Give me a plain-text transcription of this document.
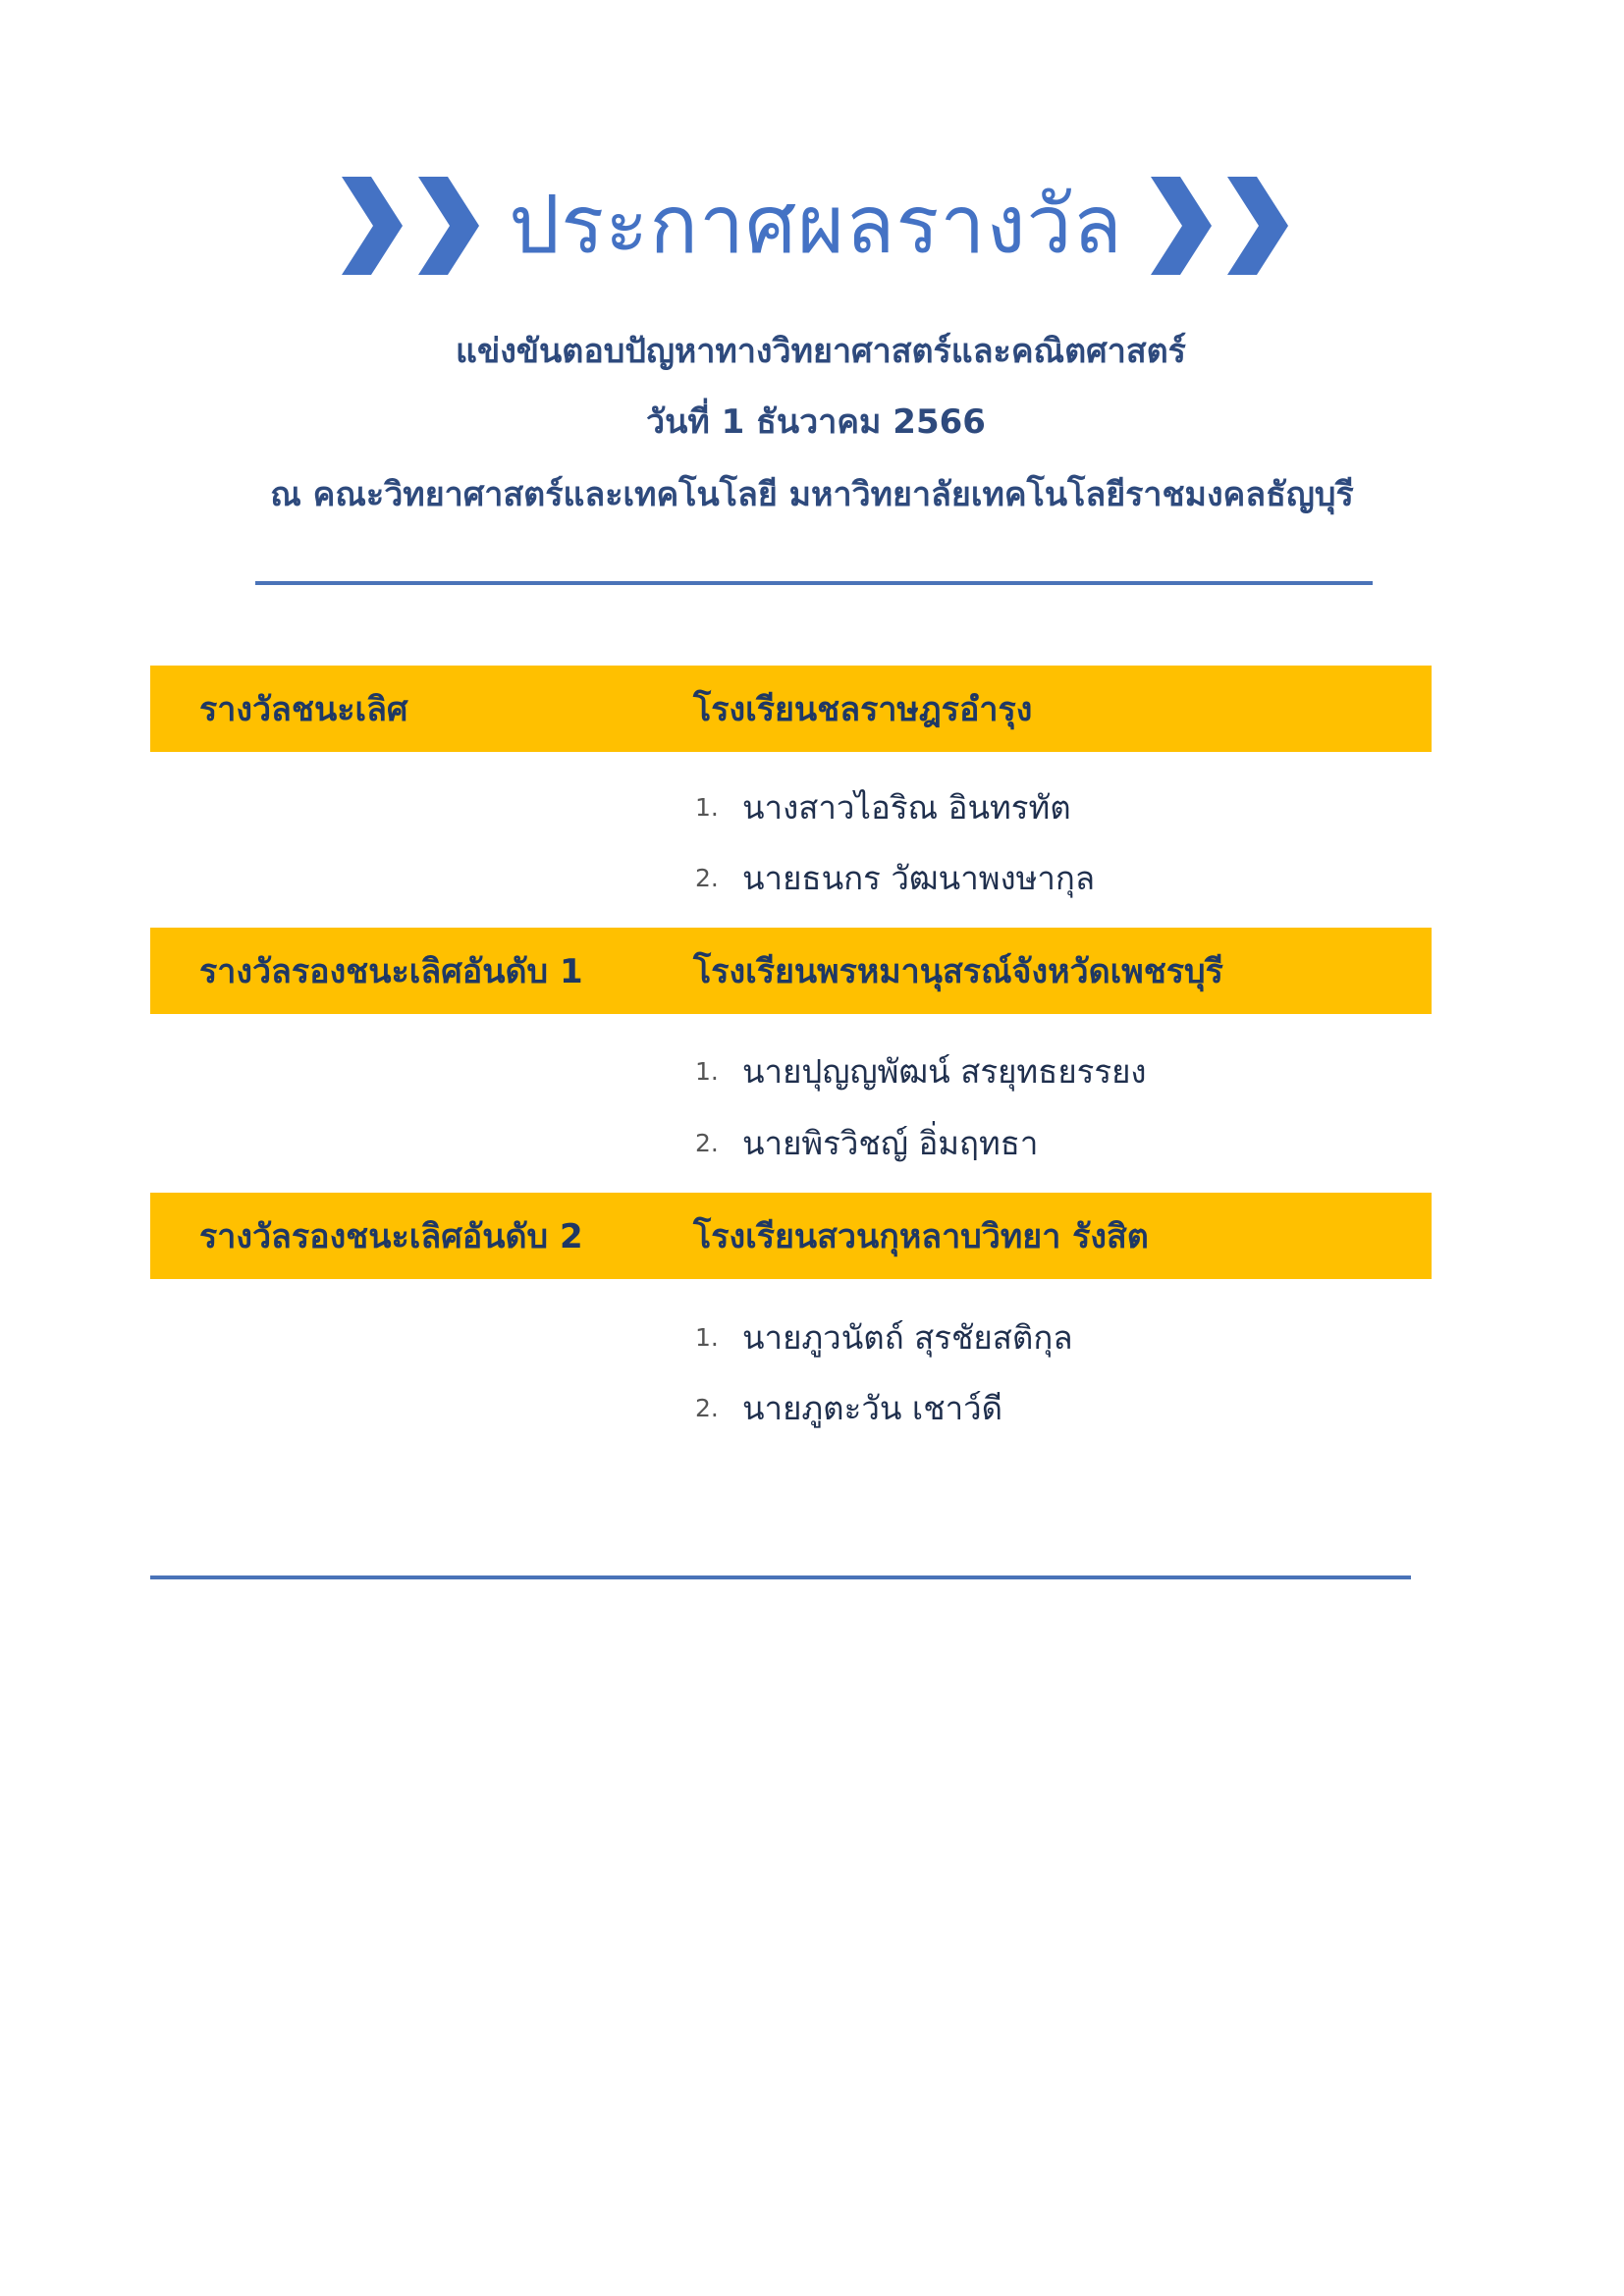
ประกาศผลรางวัล
แข่งขันตอบปัญหาทางวิทยาศาสตร์และคณิตศาสตร์
วันที่ 1 ธันวาคม 2566
ณ คณะวิทยาศาสตร์และเทคโนโลยี มหาวิทยาลัยเทคโนโลยีราชมงคลธัญบุรี
รางวัลชนะเลิศ	โรงเรียนชลราษฎรอำรุง
1. นางสาวไอริณ อินทรทัต
2. นายธนกร วัฒนาพงษากุล
รางวัลรองชนะเลิศอันดับ 1	โรงเรียนพรหมานุสรณ์จังหวัดเพชรบุรี
1. นายปุญญพัฒน์ สรยุทธยรรยง
2. นายพิรวิชญ์ อิ่มฤทธา
รางวัลรองชนะเลิศอันดับ 2	โรงเรียนสวนกุหลาบวิทยา รังสิต
1. นายภูวนัตถ์ สุรชัยสติกุล
2. นายภูตะวัน เชาว์ดี
